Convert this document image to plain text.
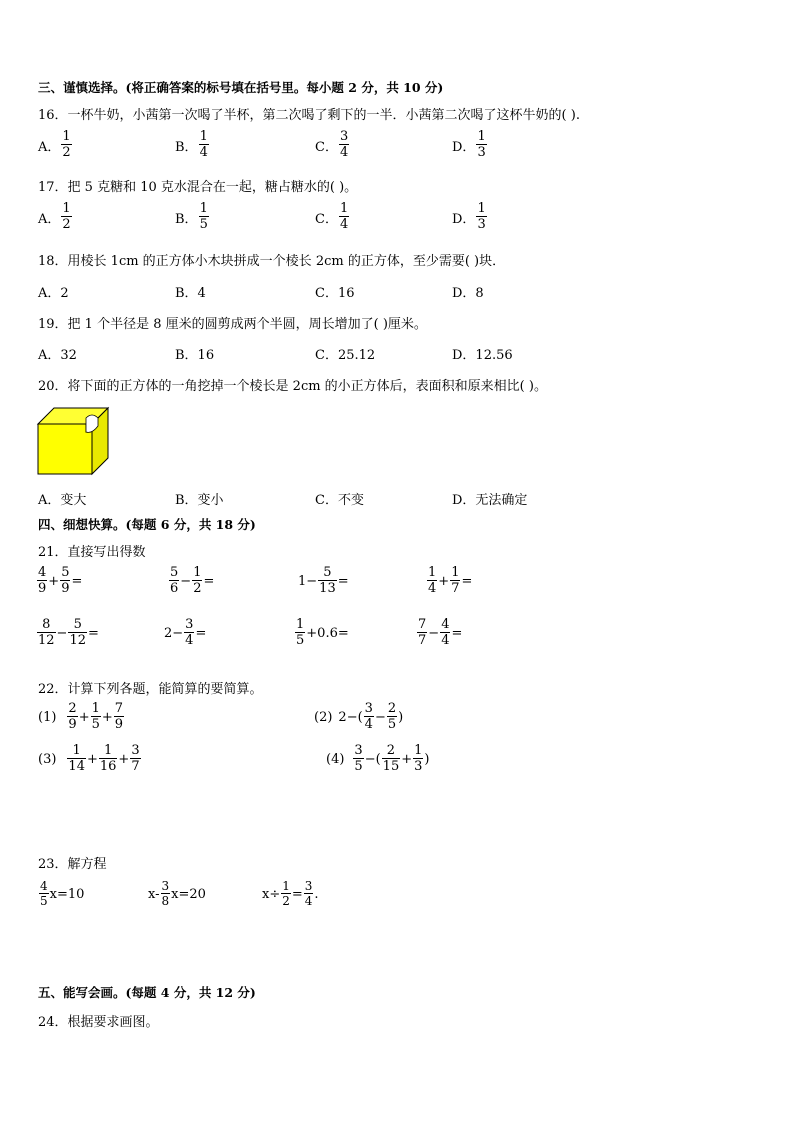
三、谨慎选择。(将正确答案的标号填在括号里。每小题 2 分，共 10 分)
16．一杯牛奶，小茜第一次喝了半杯，第二次喝了剩下的一半．小茜第二次喝了这杯牛奶的( ).
A． $\frac{1}{2}$	B． $\frac{1}{4}$	C． $\frac{3}{4}$	D． $\frac{1}{3}$
17．把 5 克糖和 10 克水混合在一起，糖占糖水的( )。
A． $\frac{1}{2}$	B． $\frac{1}{5}$	C． $\frac{1}{4}$	D． $\frac{1}{3}$
18．用棱长 1cm 的正方体小木块拼成一个棱长 2cm 的正方体，至少需要( )块．
A．2	B．4	C．16	D．8
19．把 1 个半径是 8 厘米的圆剪成两个半圆，周长增加了( )厘米。
A．32	B．16	C．25.12	D．12.56
20．将下面的正方体的一角挖掉一个棱长是 2cm 的小正方体后，表面积和原来相比( )。
A．变大	B．变小	C．不变	D．无法确定
四、细想快算。(每题 6 分，共 18 分)
21．直接写出得数
$\frac{4}{9} + \frac{5}{9}$ =	$\frac{5}{6} - \frac{1}{2}$ =	$1- \frac{5}{13}$ =	$\frac{1}{4} + \frac{1}{7}$ =
$\frac{8}{12} - \frac{5}{12}$ =	$2- \frac{3}{4}$ =	$\frac{1}{5} +0.6=$	$\frac{7}{7} - \frac{4}{4}$ =
22．计算下列各题，能简算的要简算。
$(1) \frac{2}{9} + \frac{1}{5} + \frac{7}{9}$	(2) $2-( \frac{3}{4} - \frac{2}{5}$ )
$(3) \frac{1}{14} + \frac{1}{16} + \frac{3}{7}$	$(4) \frac{3}{5}$ −( $\frac{2}{15} + \frac{1}{3}$ )
23．解方程
$\frac{4}{5} x=10$	$x- \frac{3}{8} x=20$	$x\div \frac{1}{2} = \frac{3}{4}$ .
五、能写会画。(每题 4 分，共 12 分)
24．根据要求画图。
